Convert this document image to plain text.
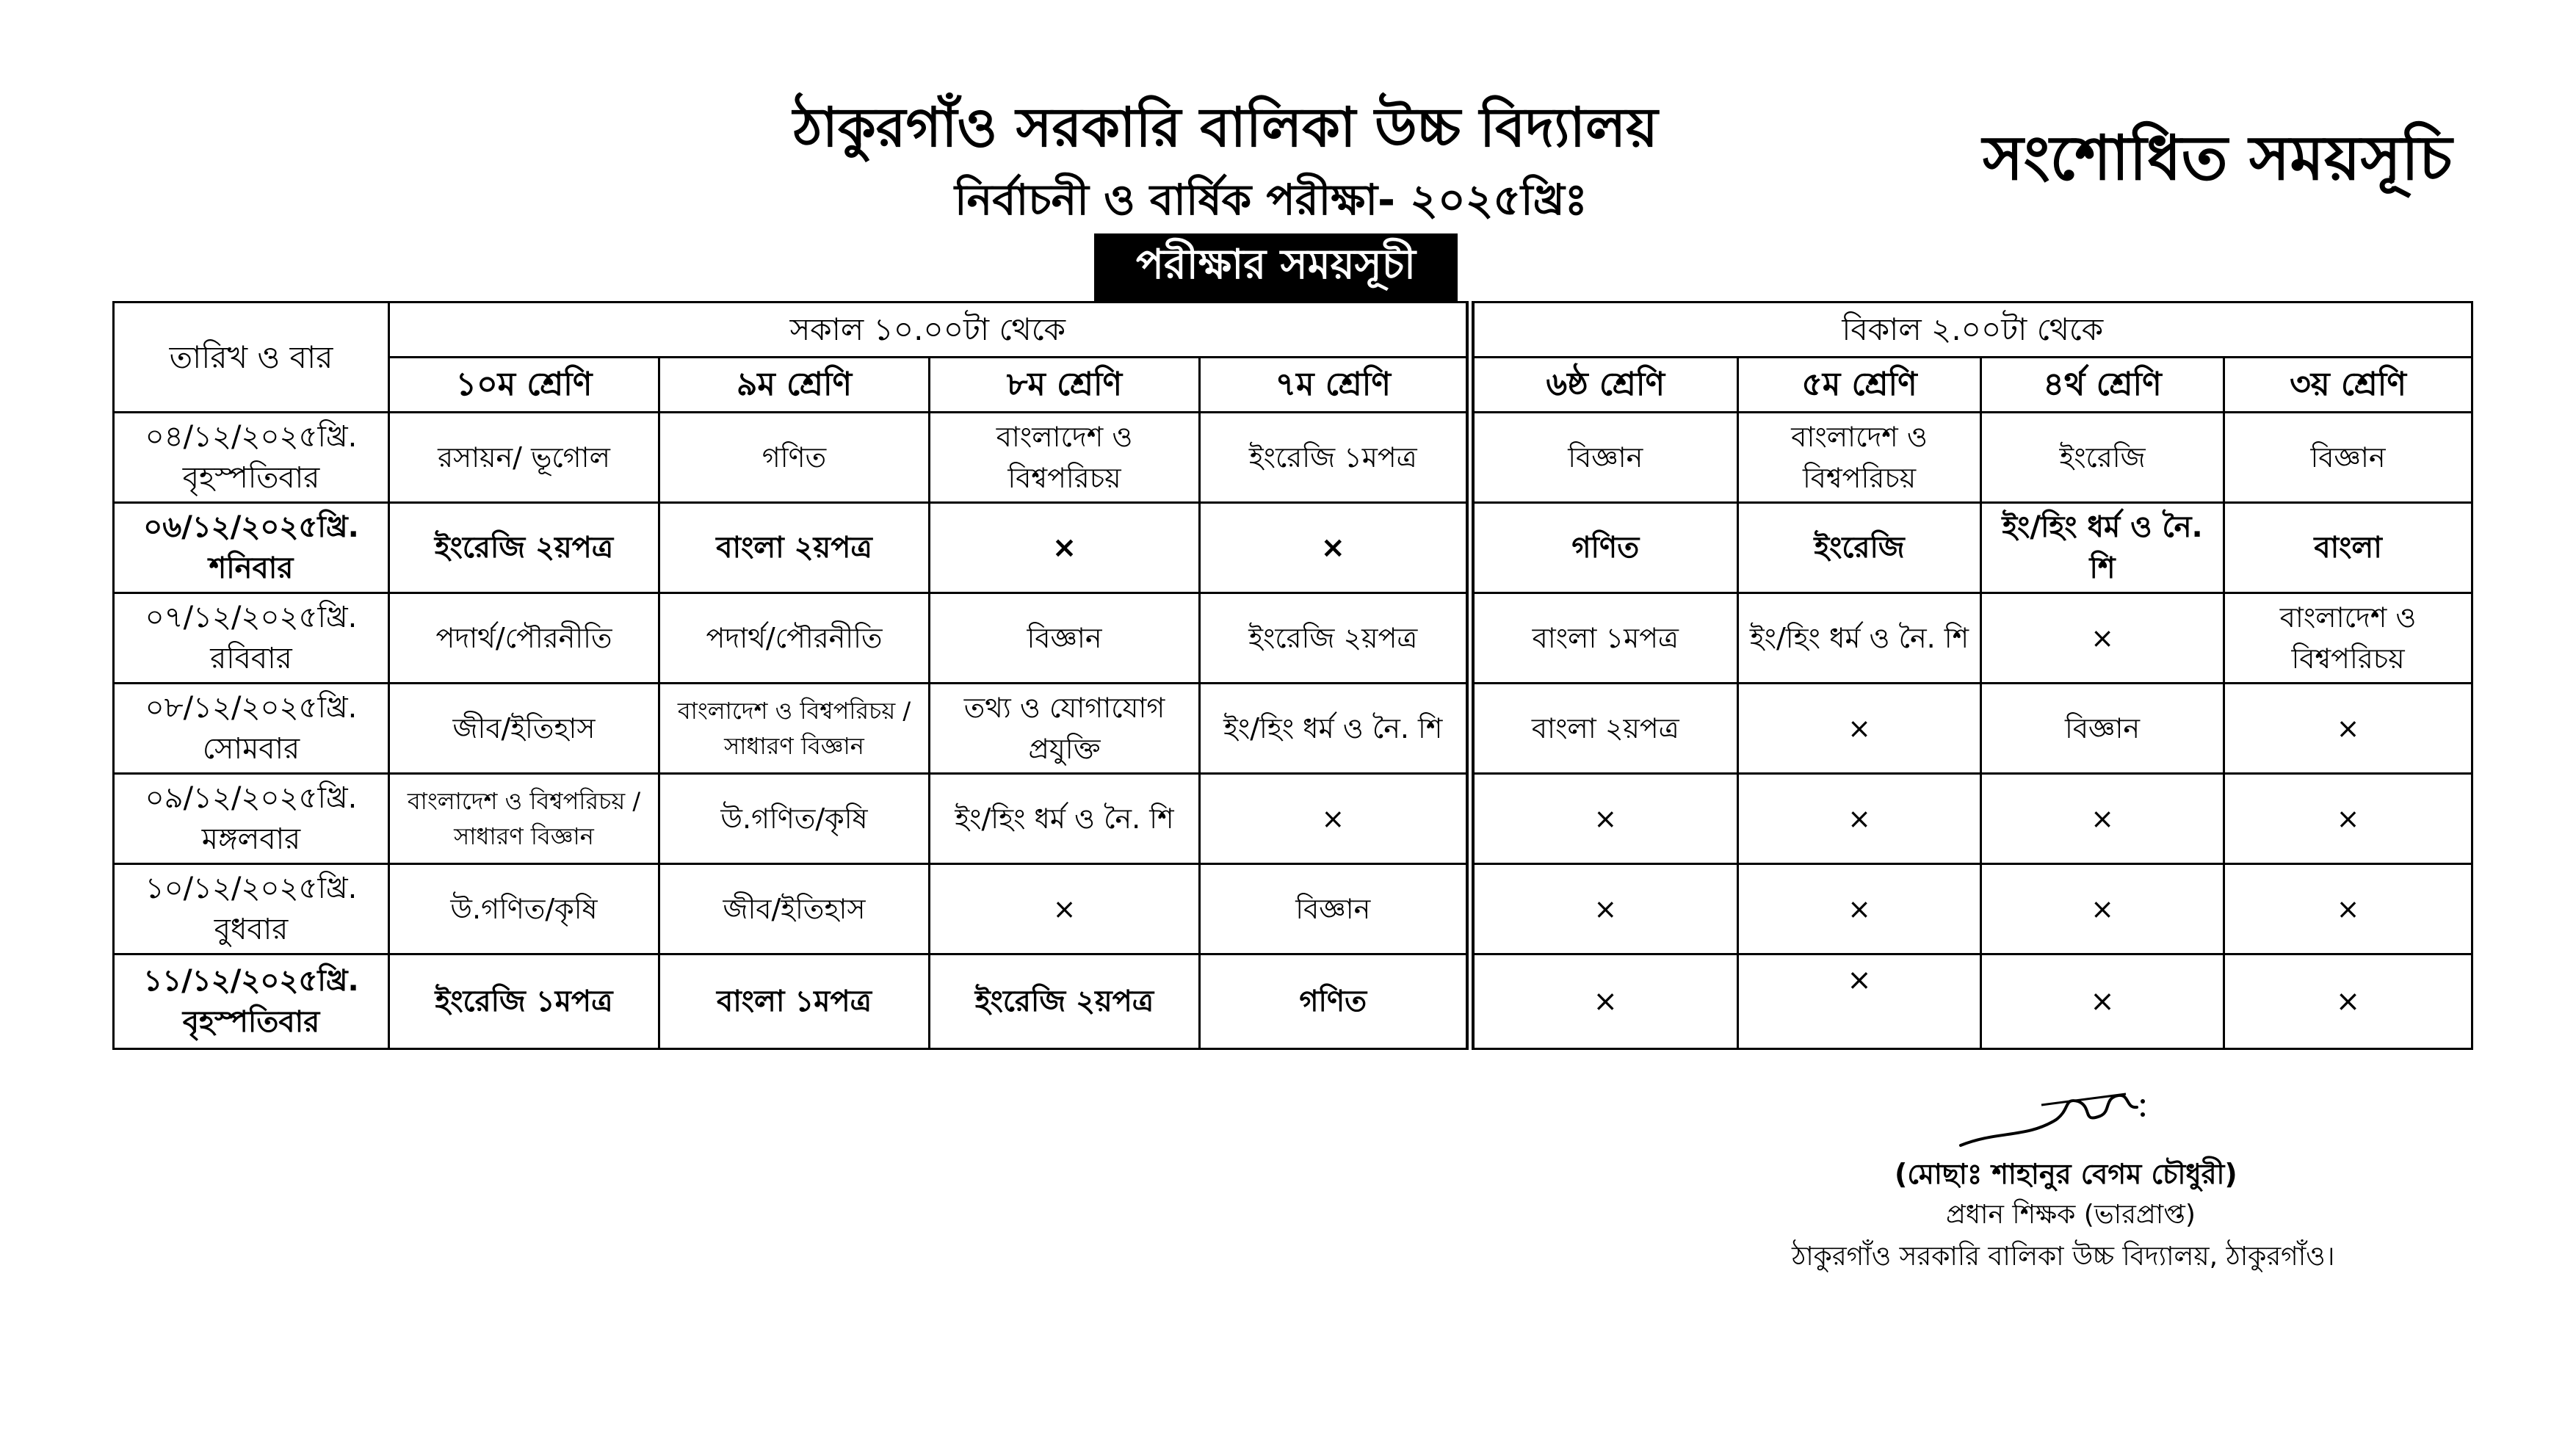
ঠাকুরগাঁও সরকারি বালিকা উচ্চ বিদ্যালয়
নির্বাচনী ও বার্ষিক পরীক্ষা- ২০২৫খ্রিঃ
সংশোধিত সময়সূচি
পরীক্ষার সময়সূচী
তারিখ ও বার	সকাল ১০.০০টা থেকে				বিকাল ২.০০টা থেকে			
	১০ম শ্রেণি	৯ম শ্রেণি	৮ম শ্রেণি	৭ম শ্রেণি	৬ষ্ঠ শ্রেণি	৫ম শ্রেণি	৪র্থ শ্রেণি	৩য় শ্রেণি

০৪/১২/২০২৫খ্রি.
বৃহস্পতিবার	রসায়ন/ ভূগোল	গণিত	বাংলাদেশ ও বিশ্বপরিচয়	ইংরেজি ১মপত্র	বিজ্ঞান	বাংলাদেশ ও বিশ্বপরিচয়	ইংরেজি	বিজ্ঞান

০৬/১২/২০২৫খ্রি.
শনিবার	ইংরেজি ২য়পত্র	বাংলা ২য়পত্র	×	×	গণিত	ইংরেজি	ইং/হিং ধর্ম ও নৈ. শি	বাংলা

০৭/১২/২০২৫খ্রি.
রবিবার	পদার্থ/পৌরনীতি	পদার্থ/পৌরনীতি	বিজ্ঞান	ইংরেজি ২য়পত্র	বাংলা ১মপত্র	ইং/হিং ধর্ম ও নৈ. শি	×	বাংলাদেশ ও বিশ্বপরিচয়

০৮/১২/২০২৫খ্রি.
সোমবার	জীব/ইতিহাস	বাংলাদেশ ও বিশ্বপরিচয় / সাধারণ বিজ্ঞান	তথ্য ও যোগাযোগ প্রযুক্তি	ইং/হিং ধর্ম ও নৈ. শি	বাংলা ২য়পত্র	×	বিজ্ঞান	×

০৯/১২/২০২৫খ্রি.
মঙ্গলবার	বাংলাদেশ ও বিশ্বপরিচয় / সাধারণ বিজ্ঞান	উ.গণিত/কৃষি	ইং/হিং ধর্ম ও নৈ. শি	×	×	×	×	×

১০/১২/২০২৫খ্রি.
বুধবার	উ.গণিত/কৃষি	জীব/ইতিহাস	×	বিজ্ঞান	×	×	×	×

১১/১২/২০২৫খ্রি.
বৃহস্পতিবার	ইংরেজি ১মপত্র	বাংলা ১মপত্র	ইংরেজি ২য়পত্র	গণিত	×	×	×	×
(মোছাঃ শাহানুর বেগম চৌধুরী)
প্রধান শিক্ষক (ভারপ্রাপ্ত)
ঠাকুরগাঁও সরকারি বালিকা উচ্চ বিদ্যালয়, ঠাকুরগাঁও।
